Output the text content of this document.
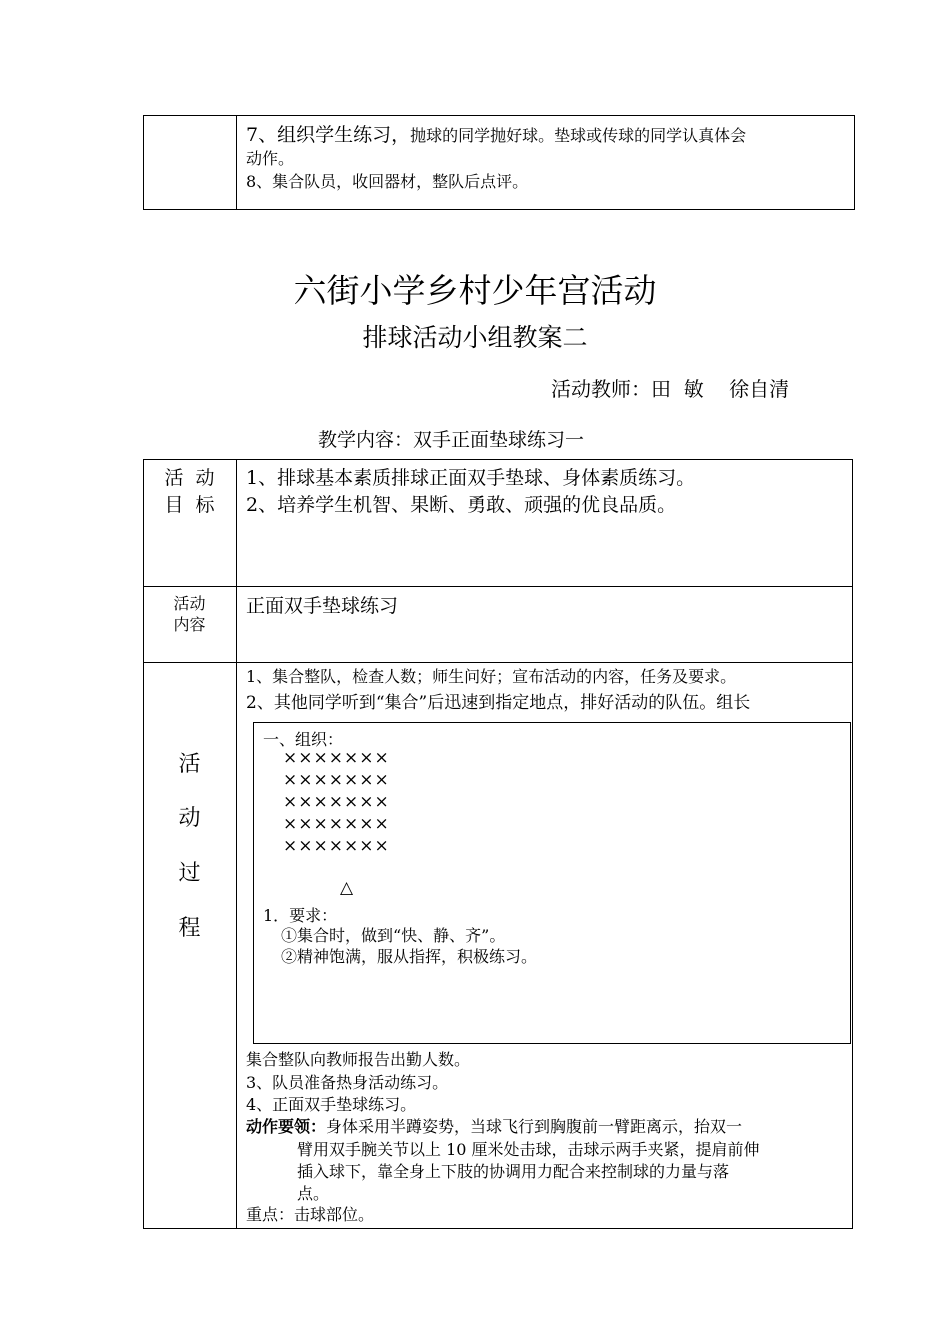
7、组织学生练习，抛球的同学抛好球。垫球或传球的同学认真体会
动作。
8、集合队员，收回器材，整队后点评。
六街小学乡村少年宫活动
排球活动小组教案二
活动教师：田  敏    徐自清
教学内容：双手正面垫球练习一
活  动
目  标
1、排球基本素质排球正面双手垫球、身体素质练习。
2、培养学生机智、果断、勇敢、顽强的优良品质。
活动
内容
正面双手垫球练习
活
动
过
程
1、集合整队，检查人数；师生问好；宣布活动的内容，任务及要求。
2、其他同学听到“集合”后迅速到指定地点，排好活动的队伍。组长
一、组织：
×××××××
×××××××
×××××××
×××××××
×××××××
△
1．要求：
①集合时，做到“快、静、齐”。
②精神饱满，服从指挥，积极练习。
集合整队向教师报告出勤人数。
3、队员准备热身活动练习。
4、正面双手垫球练习。
动作要领：身体采用半蹲姿势，当球飞行到胸腹前一臂距离示，抬双一
臂用双手腕关节以上 10 厘米处击球，击球示两手夹紧，提肩前伸
插入球下，靠全身上下肢的协调用力配合来控制球的力量与落
点。
重点：击球部位。
